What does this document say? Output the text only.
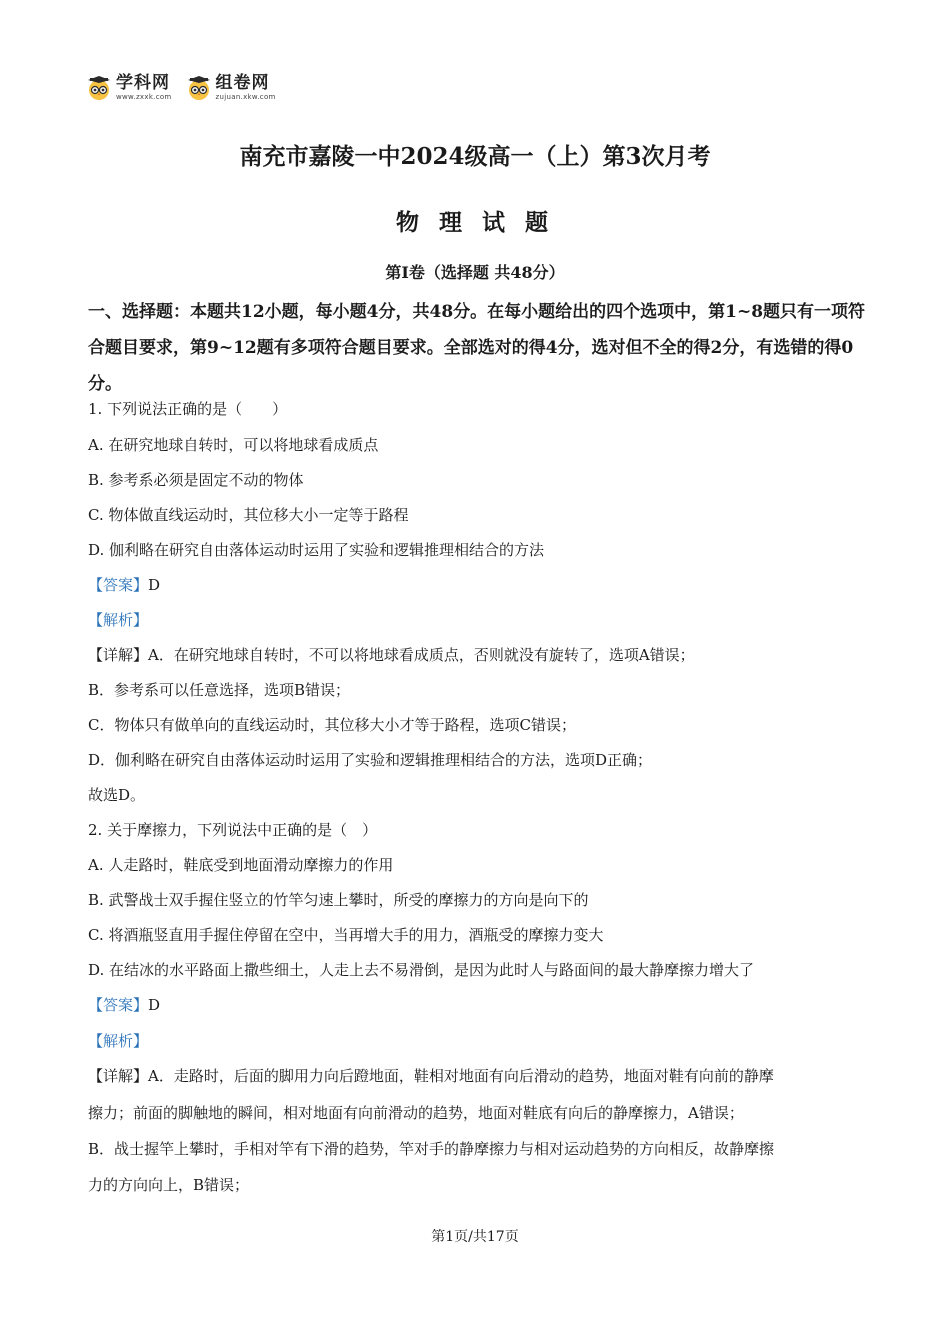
学科网
www.zxxk.com
组卷网
zujuan.xkw.com
南充市嘉陵一中2024级高一（上）第3次月考
物 理 试 题
第Ⅰ卷（选择题 共48分）
一、选择题：本题共12小题，每小题4分，共48分。在每小题给出的四个选项中，第1~8题只有一项符合题目要求，第9~12题有多项符合题目要求。全部选对的得4分，选对但不全的得2分，有选错的得0分。
1. 下列说法正确的是（　　）
A. 在研究地球自转时，可以将地球看成质点
B. 参考系必须是固定不动的物体
C. 物体做直线运动时，其位移大小一定等于路程
D. 伽利略在研究自由落体运动时运用了实验和逻辑推理相结合的方法
【答案】D
【解析】
【详解】A．在研究地球自转时，不可以将地球看成质点，否则就没有旋转了，选项A错误；
B．参考系可以任意选择，选项B错误；
C．物体只有做单向的直线运动时，其位移大小才等于路程，选项C错误；
D．伽利略在研究自由落体运动时运用了实验和逻辑推理相结合的方法，选项D正确；
故选D。
2. 关于摩擦力，下列说法中正确的是（　）
A. 人走路时，鞋底受到地面滑动摩擦力的作用
B. 武警战士双手握住竖立的竹竿匀速上攀时，所受的摩擦力的方向是向下的
C. 将酒瓶竖直用手握住停留在空中，当再增大手的用力，酒瓶受的摩擦力变大
D. 在结冰的水平路面上撒些细土，人走上去不易滑倒，是因为此时人与路面间的最大静摩擦力增大了
【答案】D
【解析】
【详解】A．走路时，后面的脚用力向后蹬地面，鞋相对地面有向后滑动的趋势，地面对鞋有向前的静摩
擦力；前面的脚触地的瞬间，相对地面有向前滑动的趋势，地面对鞋底有向后的静摩擦力，A错误；
B．战士握竿上攀时，手相对竿有下滑的趋势，竿对手的静摩擦力与相对运动趋势的方向相反，故静摩擦
力的方向向上，B错误；
第1页/共17页
